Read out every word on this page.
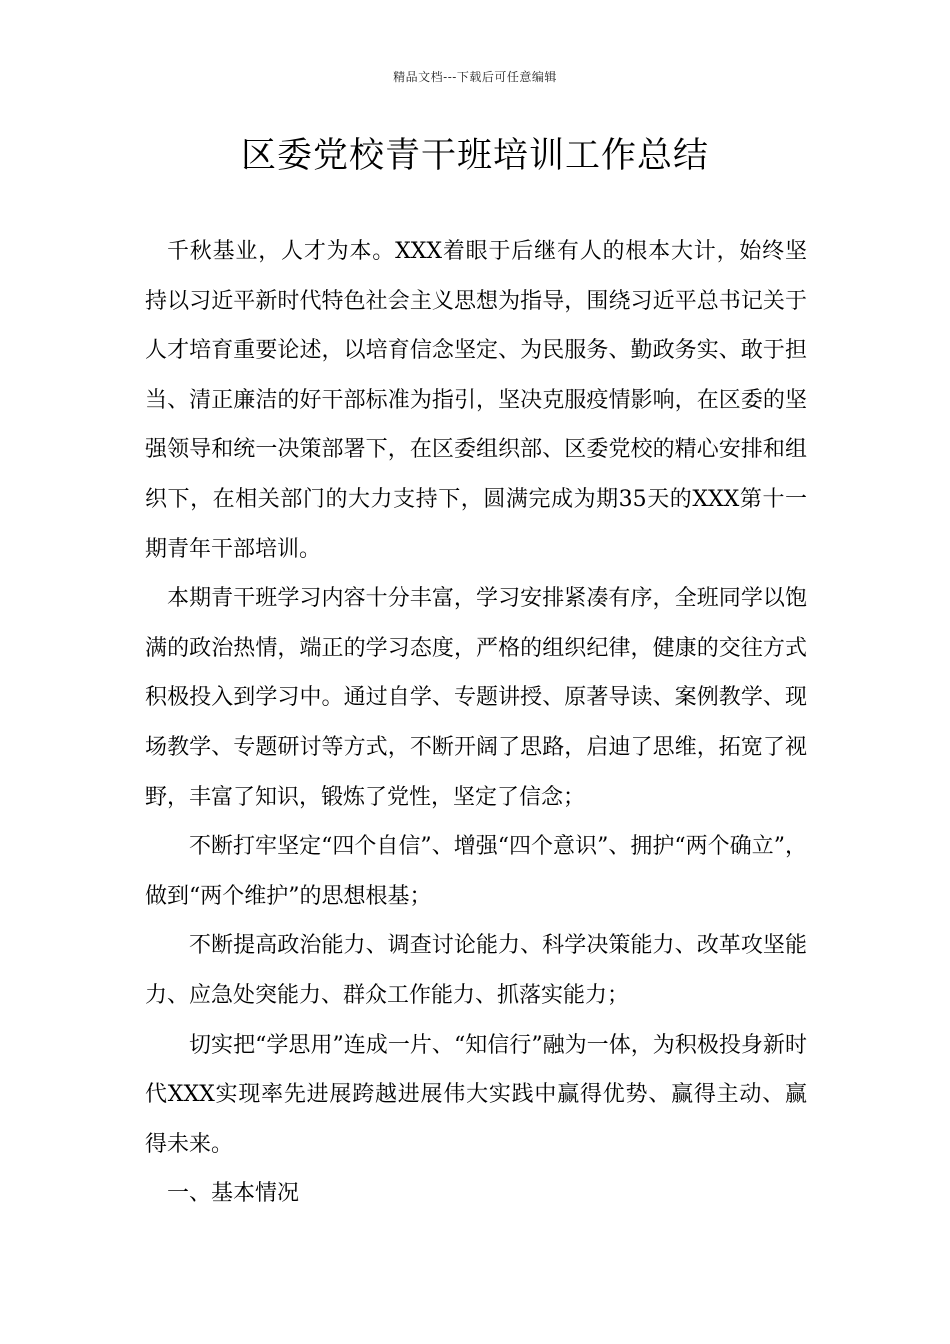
精品文档---下载后可任意编辑
区委党校青干班培训工作总结

千秋基业，人才为本。XXX着眼于后继有人的根本大计，始终坚持以习近平新时代特色社会主义思想为指导，围绕习近平总书记关于人才培育重要论述，以培育信念坚定、为民服务、勤政务实、敢于担当、清正廉洁的好干部标准为指引，坚决克服疫情影响，在区委的坚强领导和统一决策部署下，在区委组织部、区委党校的精心安排和组织下，在相关部门的大力支持下，圆满完成为期35天的XXX第十一期青年干部培训。

本期青干班学习内容十分丰富，学习安排紧凑有序，全班同学以饱满的政治热情，端正的学习态度，严格的组织纪律，健康的交往方式积极投入到学习中。通过自学、专题讲授、原著导读、案例教学、现场教学、专题研讨等方式，不断开阔了思路，启迪了思维，拓宽了视野，丰富了知识，锻炼了党性，坚定了信念；

不断打牢坚定“四个自信”、增强“四个意识”、拥护“两个确立”，做到“两个维护”的思想根基；

不断提高政治能力、调查讨论能力、科学决策能力、改革攻坚能力、应急处突能力、群众工作能力、抓落实能力；

切实把“学思用”连成一片、“知信行”融为一体，为积极投身新时代XXX实现率先进展跨越进展伟大实践中赢得优势、赢得主动、赢得未来。

一、基本情况
